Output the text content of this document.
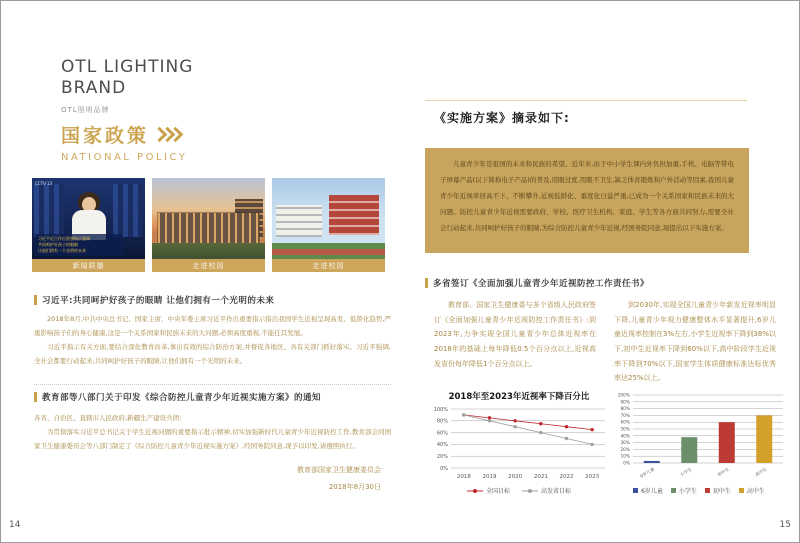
OTL LIGHTING
BRAND
OTL照明品牌
国家政策
NATIONAL POLICY
CCTV-13
习近平近日作出重要指示强调
共同呵护好孩子的眼睛
让他们拥有一个光明的未来
新闻联播	走进校园	走进校园
习近平:共同呵护好孩子的眼睛 让他们拥有一个光明的未来
2018年8月,中共中央总书记、国家主席、中央军委主席习近平作出重要指示指出我国学生近视呈现高发、低龄化趋势,严重影响孩子们的身心健康,这是一个关系国家和民族未来的大问题,必须高度重视,不能任其发展。
习近平指示有关方面,要结合深化教育改革,拿出有效的综合防治方案,并督促各地区、各有关部门抓好落实。习近平强调,全社会都要行动起来,共同呵护好孩子的眼睛,让他们拥有一个光明的未来。
教育部等八部门关于印发《综合防控儿童青少年近视实施方案》的通知
各省、自治区、直辖市人民政府,新疆生产建设兵团:
为贯彻落实习近平总书记关于学生近视问题的重要指示批示精神,切实加强新时代儿童青少年近视防控工作,教育部会同国家卫生健康委员会等八部门制定了《综合防控儿童青少年近视实施方案》,经国务院同意,现予以印发,请遵照执行。
教育部国家卫生健康委员会
2018年8月30日
14
《实施方案》摘录如下:

儿童青少年是祖国的未来和民族的希望。近年来,由于中小学生课内外负担加重,手机、电脑等带电子屏幕产品(以下简称电子产品)的普及,用眼过度,用眼不卫生,缺乏体育锻炼和户外活动等因素,我国儿童青少年近视率居高不下、不断攀升,近视低龄化、重度化日益严重,已成为一个关系国家和民族未来的大问题。防控儿童青少年近视需要政府、学校、医疗卫生机构、家庭、学生等各方面共同努力,需要全社会行动起来,共同呵护好孩子的眼睛,为综合防控儿童青少年近视,经国务院同意,现提出以下实施方案。

多省签订《全面加强儿童青少年近视防控工作责任书》
教育部、国家卫生健康委与多个省级人民政府签订《全面加强儿童青少年近视防控工作责任书》:到2023年,力争实现全国儿童青少年总体近视率在2018年的基础上每年降低0.5个百分点以上,近视高发省份每年降低1个百分点以上。
到2030年,实现全国儿童青少年新发近视率明显下降,儿童青少年视力健康整体水平显著提升,6岁儿童近视率控制在3%左右,小学生近视率下降到38%以下,初中生近视率下降到60%以下,高中阶段学生近视率下降到70%以下,国家学生体质健康标准达标优秀率达25%以上。
2018年至2023年近视率下降百分比
0%
20%
40%
60%
80%
100%
2018 2019 2020 2021 2022 2023
全国目标	高发省目标
0%
10%
20%
30%
40%
50%
60%
70%
80%
90%
100%
6岁儿童	小学生	初中生	高中生
6岁儿童	小学生	初中生	高中生
15
